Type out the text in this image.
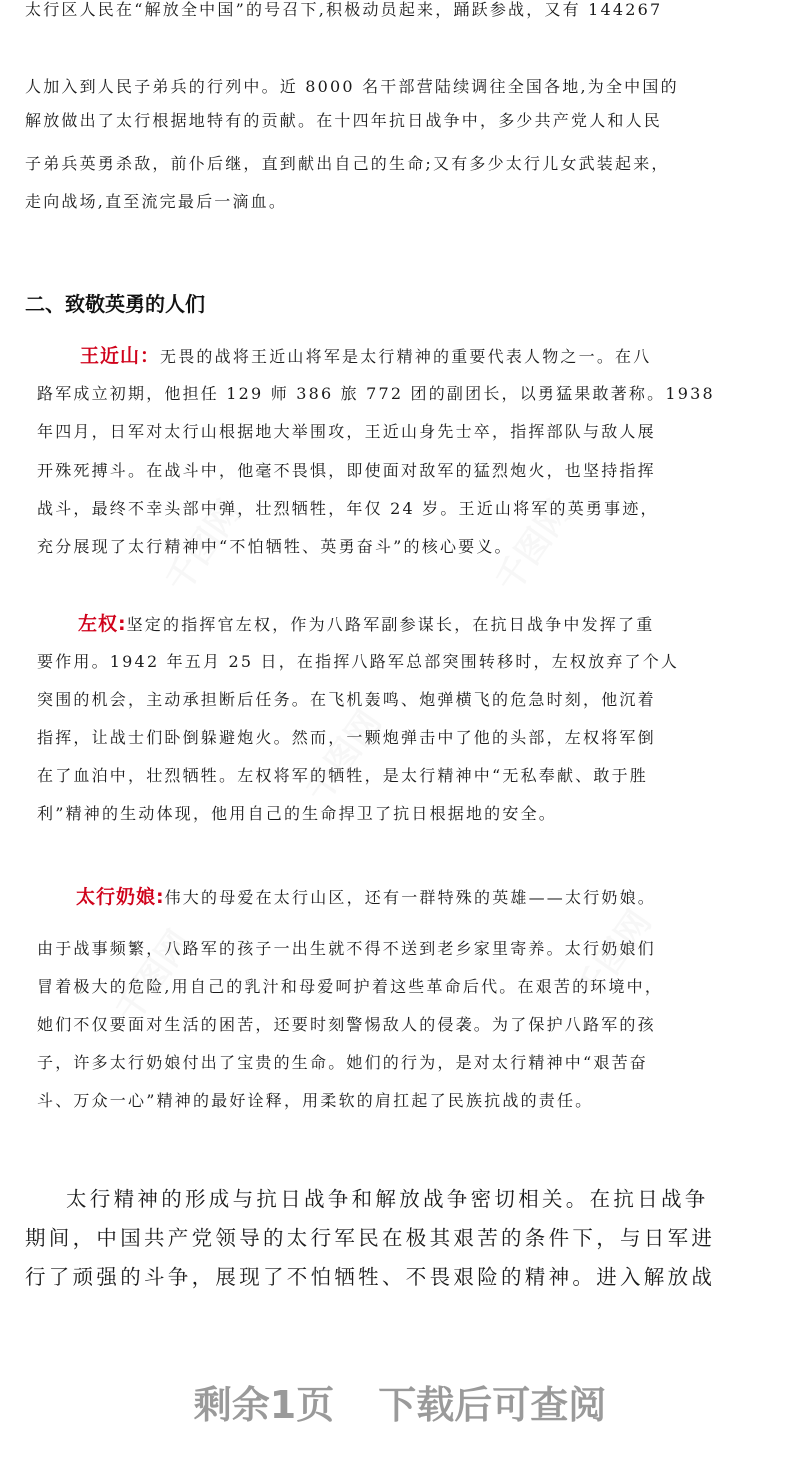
千图网	千图网
千图网
千图网	千图网
太行区人民在“解放全中国”的号召下,积极动员起来，踊跃参战，又有 144267
人加入到人民子弟兵的行列中。近 8000 名干部营陆续调往全国各地,为全中国的
解放做出了太行根据地特有的贡献。在十四年抗日战争中，多少共产党人和人民
子弟兵英勇杀敌，前仆后继，直到献出自己的生命;又有多少太行儿女武装起来，
走向战场,直至流完最后一滴血。
二、致敬英勇的人们
王近山：无畏的战将王近山将军是太行精神的重要代表人物之一。在八
路军成立初期，他担任 129 师 386 旅 772 团的副团长，以勇猛果敢著称。1938
年四月，日军对太行山根据地大举围攻，王近山身先士卒，指挥部队与敌人展
开殊死搏斗。在战斗中，他毫不畏惧，即使面对敌军的猛烈炮火，也坚持指挥
战斗，最终不幸头部中弹，壮烈牺牲，年仅 24 岁。王近山将军的英勇事迹，
充分展现了太行精神中“不怕牺牲、英勇奋斗”的核心要义。
左权:坚定的指挥官左权，作为八路军副参谋长，在抗日战争中发挥了重
要作用。1942 年五月 25 日，在指挥八路军总部突围转移时，左权放弃了个人
突围的机会，主动承担断后任务。在飞机轰鸣、炮弹横飞的危急时刻，他沉着
指挥，让战士们卧倒躲避炮火。然而，一颗炮弹击中了他的头部，左权将军倒
在了血泊中，壮烈牺牲。左权将军的牺牲，是太行精神中“无私奉献、敢于胜
利”精神的生动体现，他用自己的生命捍卫了抗日根据地的安全。
太行奶娘:伟大的母爱在太行山区，还有一群特殊的英雄——太行奶娘。
由于战事频繁，八路军的孩子一出生就不得不送到老乡家里寄养。太行奶娘们
冒着极大的危险,用自己的乳汁和母爱呵护着这些革命后代。在艰苦的环境中，
她们不仅要面对生活的困苦，还要时刻警惕敌人的侵袭。为了保护八路军的孩
子，许多太行奶娘付出了宝贵的生命。她们的行为，是对太行精神中“艰苦奋
斗、万众一心”精神的最好诠释，用柔软的肩扛起了民族抗战的责任。
太行精神的形成与抗日战争和解放战争密切相关。在抗日战争
期间，中国共产党领导的太行军民在极其艰苦的条件下，与日军进
行了顽强的斗争，展现了不怕牺牲、不畏艰险的精神。进入解放战
剩余1页 下载后可查阅
